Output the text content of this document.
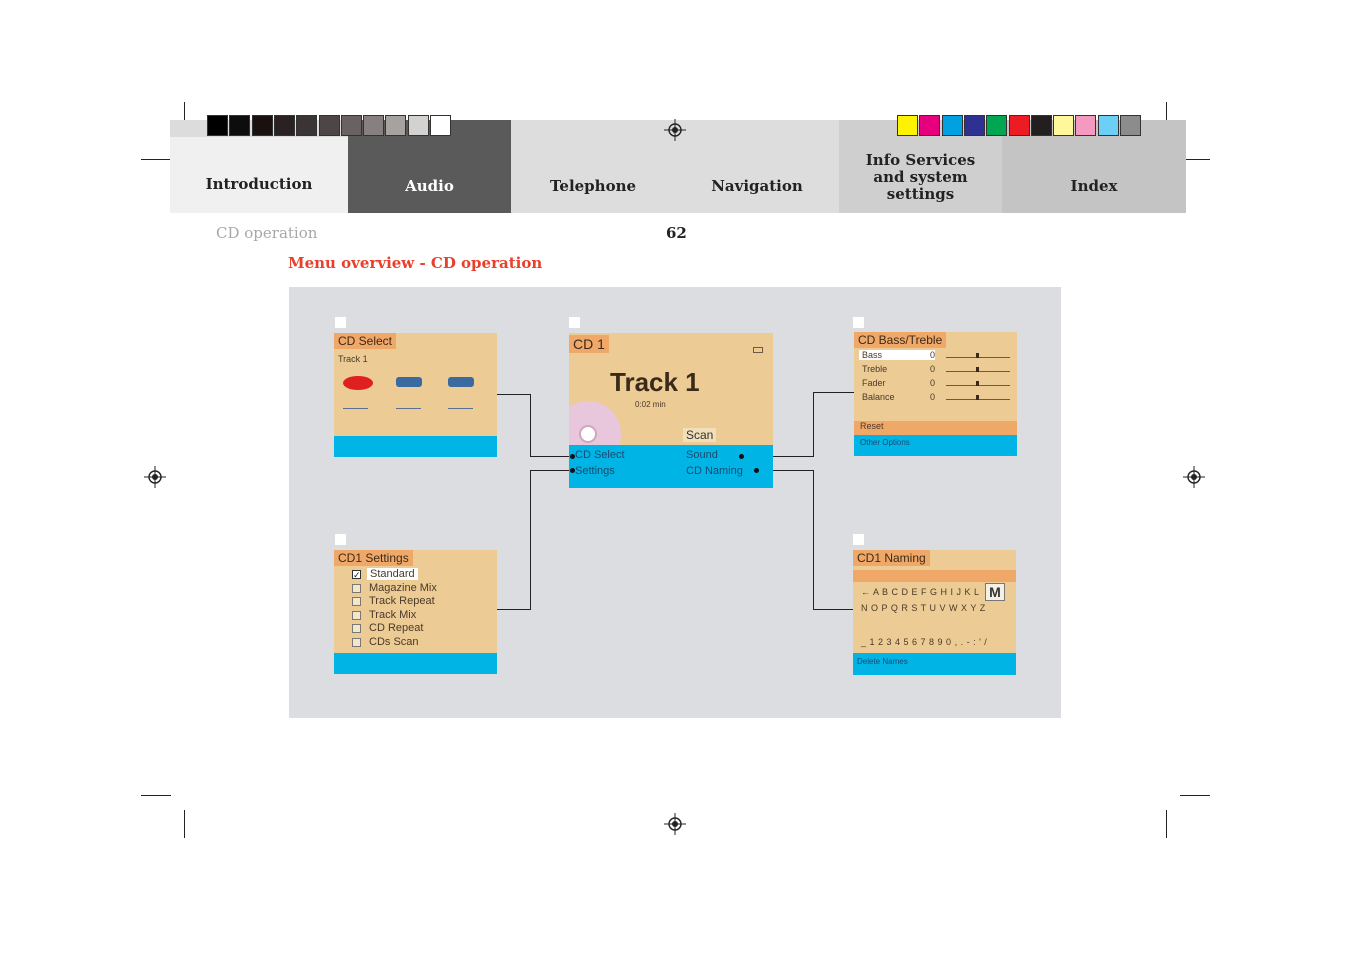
Introduction	Audio	Telephone	Navigation
Info Services and system settings	Index
CD operation	62
Menu overview - CD operation
CD Select
Track 1
CD 1
Track 1
0:02 min
Scan
CD Select
Settings
Sound
CD Naming
CD Bass/Treble
Bass	0
Treble	0
Fader	0
Balance	0
Reset
Other Options
CD1 Settings
✓ Standard
Magazine Mix
Track Repeat
Track Mix
CD Repeat
CDs Scan
CD1 Naming
← A B C D E F G H I J K L M
N O P Q R S T U V W X Y Z
_ 1 2 3 4 5 6 7 8 9 0 , . - : ' /
Delete Names
